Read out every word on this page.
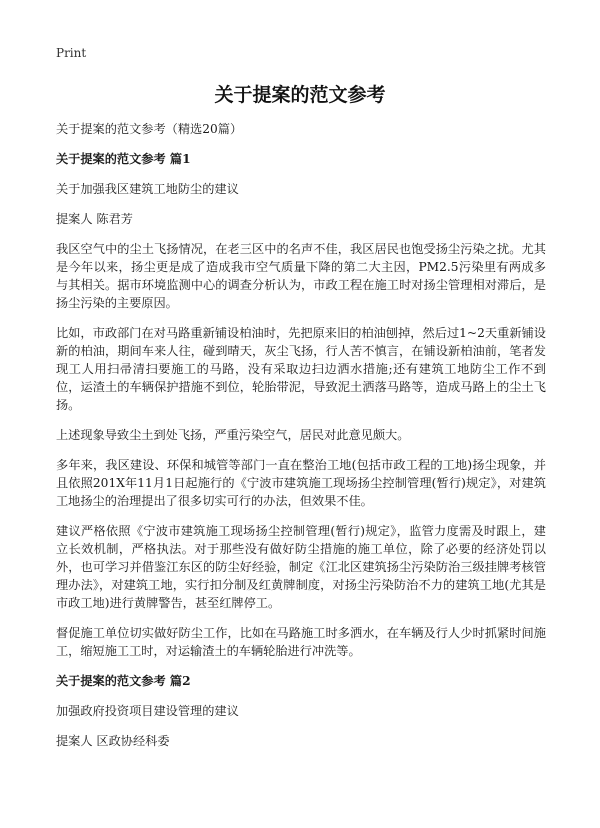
Print
关于提案的范文参考

关于提案的范文参考（精选20篇）

关于提案的范文参考 篇1

关于加强我区建筑工地防尘的建议

提案人 陈君芳

我区空气中的尘土飞扬情况，在老三区中的名声不佳，我区居民也饱受扬尘污染之扰。尤其是今年以来，扬尘更是成了造成我市空气质量下降的第二大主因，PM2.5污染里有两成多与其相关。据市环境监测中心的调查分析认为，市政工程在施工时对扬尘管理相对滞后，是扬尘污染的主要原因。

比如，市政部门在对马路重新铺设柏油时，先把原来旧的柏油刨掉，然后过1~2天重新铺设新的柏油，期间车来人往，碰到晴天，灰尘飞扬，行人苦不慎言，在铺设新柏油前，笔者发现工人用扫帚清扫要施工的马路，没有采取边扫边洒水措施;还有建筑工地防尘工作不到位，运渣土的车辆保护措施不到位，轮胎带泥，导致泥土洒落马路等，造成马路上的尘土飞扬。

上述现象导致尘土到处飞扬，严重污染空气，居民对此意见颇大。

多年来，我区建设、环保和城管等部门一直在整治工地(包括市政工程的工地)扬尘现象，并且依照201X年11月1日起施行的《宁波市建筑施工现场扬尘控制管理(暂行)规定》，对建筑工地扬尘的治理提出了很多切实可行的办法，但效果不佳。

建议严格依照《宁波市建筑施工现场扬尘控制管理(暂行)规定》，监管力度需及时跟上，建立长效机制，严格执法。对于那些没有做好防尘措施的施工单位，除了必要的经济处罚以外，也可学习并借鉴江东区的防尘好经验，制定《江北区建筑扬尘污染防治三级挂牌考核管理办法》，对建筑工地，实行扣分制及红黄牌制度，对扬尘污染防治不力的建筑工地(尤其是市政工地)进行黄牌警告，甚至红牌停工。

督促施工单位切实做好防尘工作，比如在马路施工时多洒水，在车辆及行人少时抓紧时间施工，缩短施工工时，对运输渣土的车辆轮胎进行冲洗等。

关于提案的范文参考 篇2

加强政府投资项目建设管理的建议

提案人 区政协经科委
